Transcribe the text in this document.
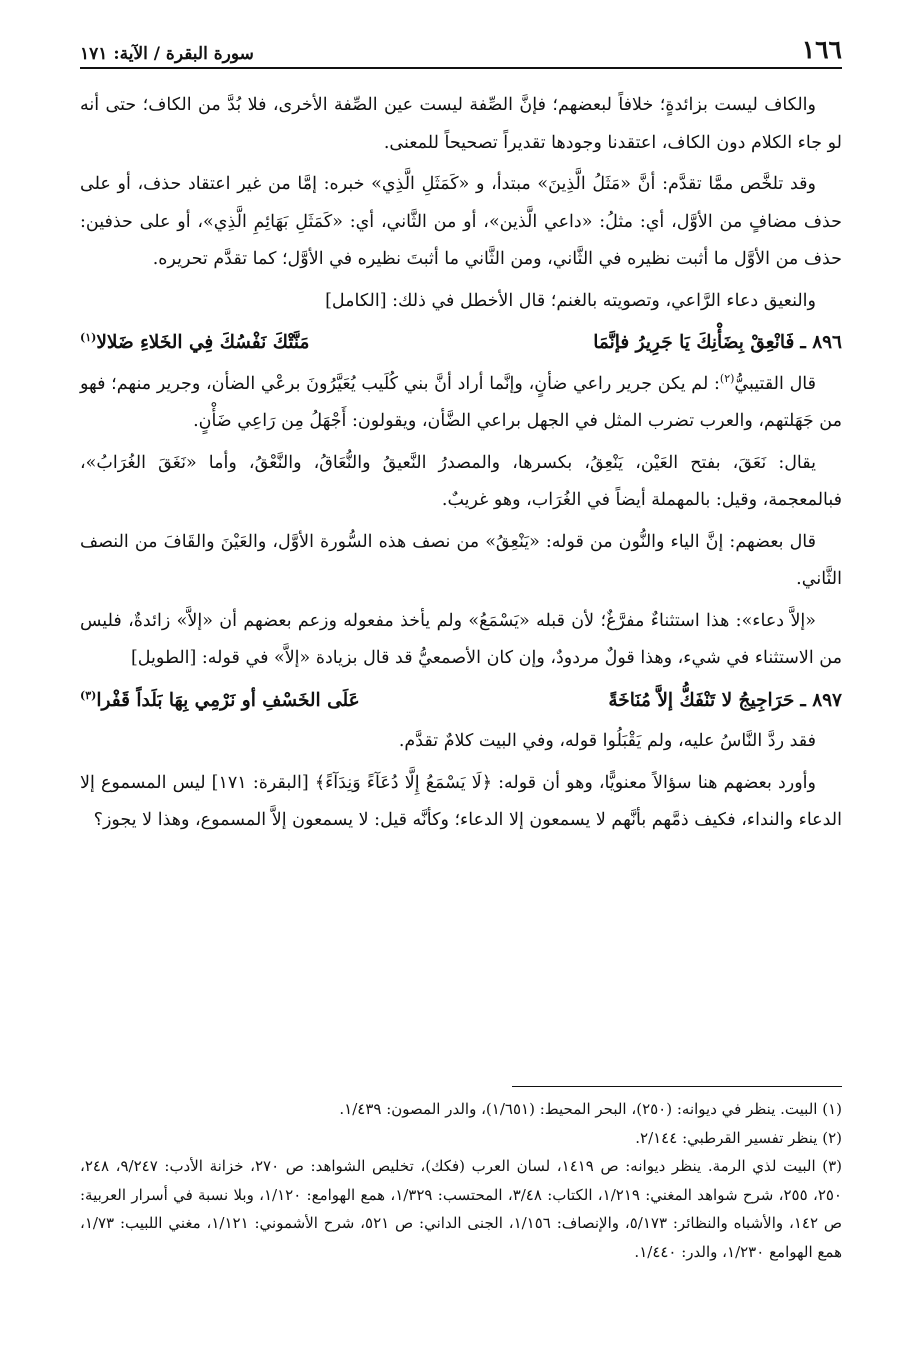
١٦٦
سورة البقرة / الآية: ١٧١

والكاف ليست بزائدةٍ؛ خلافاً لبعضهم؛ فإنَّ الصِّفة ليست عين الصِّفة الأخرى، فلا بُدَّ من الكاف؛ حتى أنه لو جاء الكلام دون الكاف، اعتقدنا وجودها تقديراً تصحيحاً للمعنى.

وقد تلخَّص ممَّا تقدَّم: أنَّ «مَثَلُ الَّذِينَ» مبتدأ، و «كَمَثَلِ الَّذِي» خبره: إمَّا من غير اعتقاد حذف، أو على حذف مضافٍ من الأوَّل، أي: مثلُ: «داعي الَّذين»، أو من الثَّاني، أي: «كَمَثَلِ بَهَائِمِ الَّذِي»، أو على حذفين: حذف من الأوَّل ما أثبت نظيره في الثَّاني، ومن الثَّاني ما أثبتَ نظيره في الأوَّل؛ كما تقدَّم تحريره.

والنعيق دعاء الرَّاعي، وتصويته بالغنم؛ قال الأخطل في ذلك: [الكامل]

٨٩٦ ـ
فَانْعِقْ بِضَأْنِكَ يَا جَرِيرُ فإنَّمَا
مَنَّتْكَ نَفْسُكَ فِي الخَلاءِ ضَلالا$^{(١)}$

قال القتيبيُّ$^{(٢)}$: لم يكن جرير راعي ضأنٍ، وإنَّما أراد أنَّ بني كُلَيب يُعَيَّرُونَ برعْي الضأن، وجرير منهم؛ فهو من جَهَلتهم، والعرب تضرب المثل في الجهل براعي الضَّأن، ويقولون: أَجْهَلُ مِن رَاعِي ضَأْنٍ.

يقال: نَعَقَ، بفتح العَيْن، يَنْعِقُ، بكسرها، والمصدرُ النَّعيقُ والنُّعَاقُ، والنَّعْقُ، وأما «نَغَقَ الغُرَابُ»، فبالمعجمة، وقيل: بالمهملة أيضاً في الغُرَاب، وهو غريبٌ.

قال بعضهم: إنَّ الياء والنُّون من قوله: «يَنْعِقُ» من نصف هذه السُّورة الأوَّل، والعَيْنَ والقَافَ من النصف الثَّاني.

«إلاَّ دعاء»: هذا استثناءٌ مفرَّغٌ؛ لأن قبله «يَسْمَعُ» ولم يأخذ مفعوله وزعم بعضهم أن «إلاَّ» زائدةٌ، فليس من الاستثناء في شيء، وهذا قولٌ مردودٌ، وإن كان الأصمعيُّ قد قال بزيادة «إلاَّ» في قوله: [الطويل]

٨٩٧ ـ
حَرَاجِيجُ لا تَنْفَكُّ إلاَّ مُنَاخَةً
عَلَى الخَسْفِ أو نَرْمِي بِهَا بَلَداً قَفْرا$^{(٣)}$

فقد ردَّ النَّاسُ عليه، ولم يَقْبَلُوا قوله، وفي البيت كلامٌ تقدَّم.

وأورد بعضهم هنا سؤالاً معنويًّا، وهو أن قوله: ﴿لَا يَسْمَعُ إِلَّا دُعَآءً وَنِدَآءً﴾ [البقرة: ١٧١] ليس المسموع إلا الدعاء والنداء، فكيف ذمَّهم بأنَّهم لا يسمعون إلا الدعاء؛ وكأنَّه قيل: لا يسمعون إلاَّ المسموع، وهذا لا يجوز؟

(١) البيت. ينظر في ديوانه: (٢٥٠)، البحر المحيط: (١/٦٥١)، والدر المصون: ١/٤٣٩.

(٢) ينظر تفسير القرطبي: ٢/١٤٤.

(٣) البيت لذي الرمة. ينظر ديوانه: ص ١٤١٩، لسان العرب (فكك)، تخليص الشواهد: ص ٢٧٠، خزانة الأدب: ٩/٢٤٧، ٢٤٨، ٢٥٠، ٢٥٥، شرح شواهد المغني: ١/٢١٩، الكتاب: ٣/٤٨، المحتسب: ١/٣٢٩، همع الهوامع: ١/١٢٠، وبلا نسبة في أسرار العربية: ص ١٤٢، والأشباه والنظائر: ٥/١٧٣، والإنصاف: ١/١٥٦، الجنى الداني: ص ٥٢١، شرح الأشموني: ١/١٢١، مغني اللبيب: ١/٧٣، همع الهوامع ١/٢٣٠، والدر: ١/٤٤٠.
